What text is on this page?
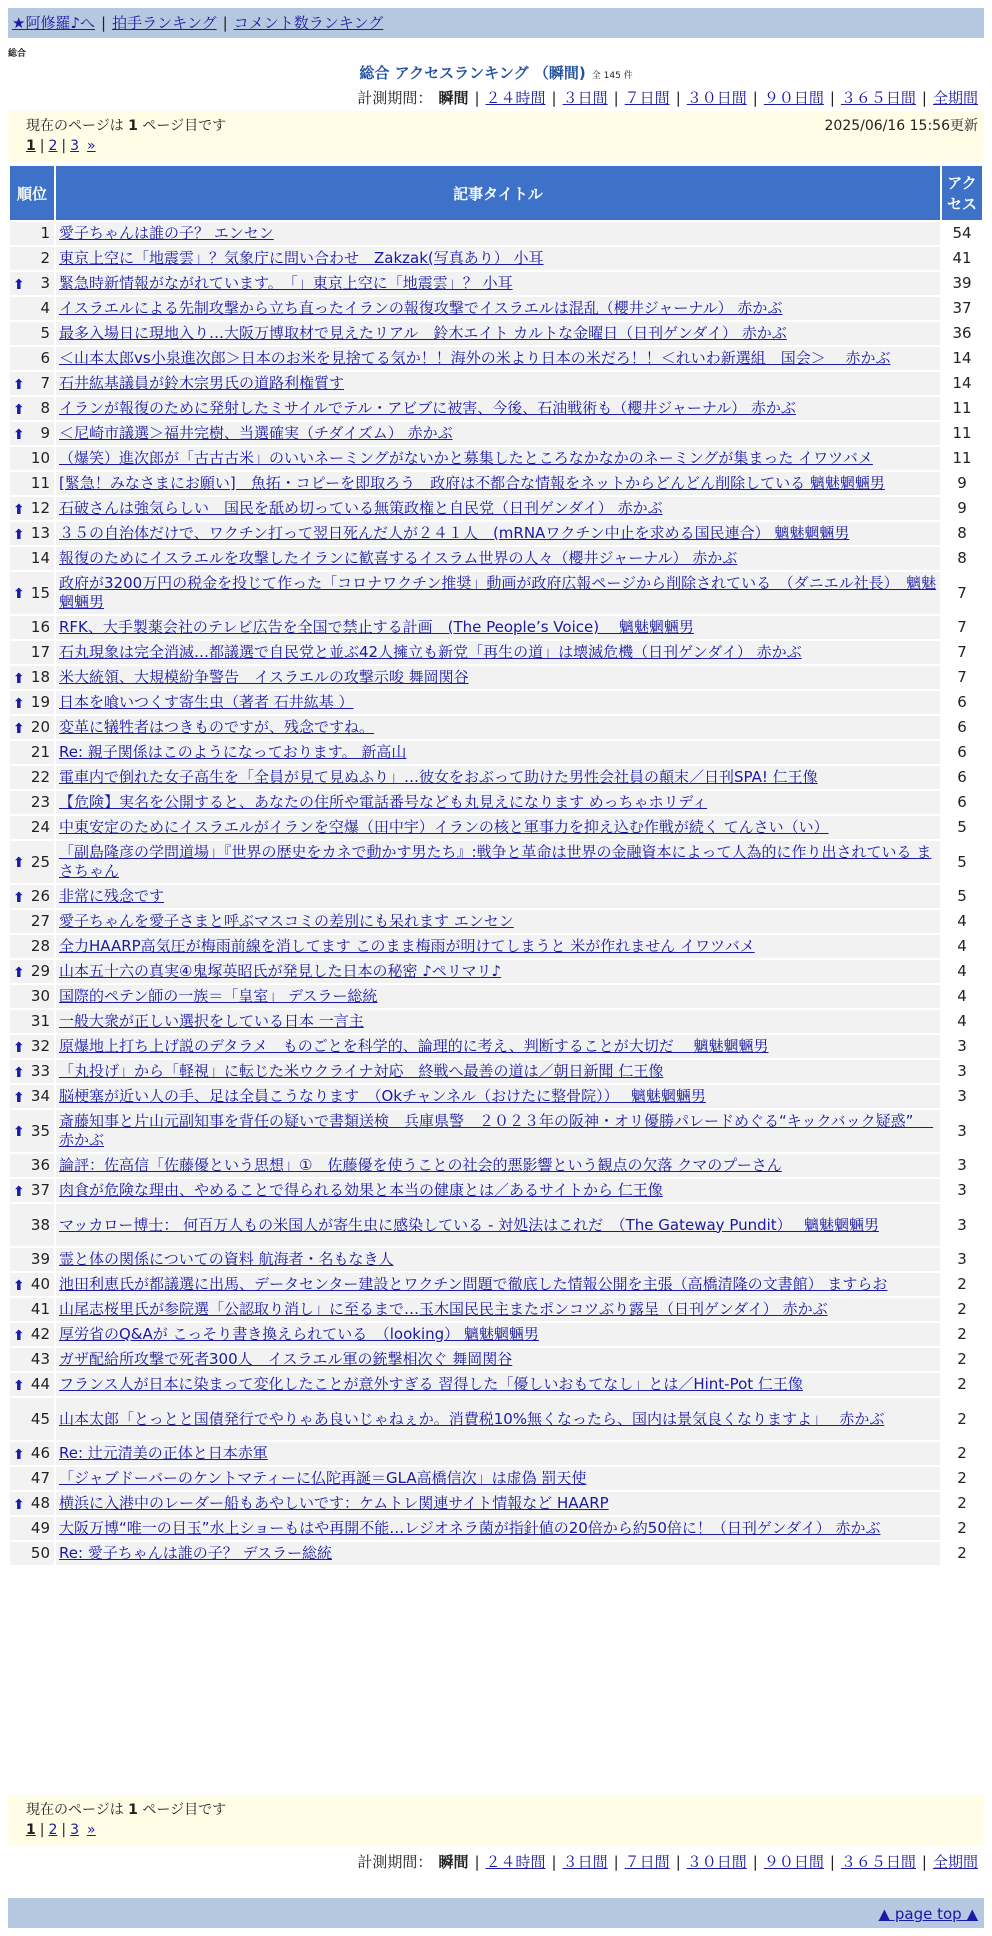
★阿修羅♪へ | 拍手ランキング | コメント数ランキング
総合
総合 アクセスランキング （瞬間) 全 145 件
計測期間： 瞬間 | ２４時間 | ３日間 | ７日間 | ３０日間 | ９０日間 | ３６５日間 | 全期間
現在のページは 1 ページ目です	2025/06/16 15:56更新
1 | 2 | 3 »
順位	記事タイトル	アクセス
1	愛子ちゃんは誰の子？ エンセン	54
2	東京上空に「地震雲」？気象庁に問い合わせ　Zakzak(写真あり） 小耳	41

⬆ 3	緊急時新情報がながれています。　「」東京上空に「地震雲」？ 小耳	39
4	イスラエルによる先制攻撃から立ち直ったイランの報復攻撃でイスラエルは混乱（櫻井ジャーナル） 赤かぶ	37
5	最多入場日に現地入り…大阪万博取材で見えたリアル　鈴木エイト カルトな金曜日（日刊ゲンダイ） 赤かぶ	36
6	＜山本太郎vs小泉進次郎＞日本のお米を見捨てる気か！！海外の米より日本の米だろ！！＜れいわ新選組　国会＞　 赤かぶ	14

⬆ 7	石井紘基議員が鈴木宗男氏の道路利権質す	14

⬆ 8	イランが報復のために発射したミサイルでテル・アビブに被害、今後、石油戦術も（櫻井ジャーナル） 赤かぶ	11

⬆ 9	＜尼崎市議選＞福井完樹、当選確実（チダイズム） 赤かぶ	11
10	（爆笑）進次郎が「古古古米」のいいネーミングがないかと募集したところなかなかのネーミングが集まった イワツバメ	11
11	[緊急！みなさまにお願い]　魚拓・コピーを即取ろう　政府は不都合な情報をネットからどんどん削除している 魑魅魍魎男	9

⬆ 12	石破さんは強気らしい　国民を舐め切っている無策政権と自民党（日刊ゲンダイ） 赤かぶ	9

⬆ 13	３５の自治体だけで、ワクチン打って翌日死んだ人が２４１人　(mRNAワクチン中止を求める国民連合） 魑魅魍魎男	8
14	報復のためにイスラエルを攻撃したイランに歓喜するイスラム世界の人々（櫻井ジャーナル） 赤かぶ	8

⬆ 15	政府が3200万円の税金を投じて作った「コロナワクチン推奨」動画が政府広報ページから削除されている　（ダニエル社長）　魑魅魍魎男	7
16	RFK、大手製薬会社のテレビ広告を全国で禁止する計画　(The People’s Voice)　 魑魅魍魎男	7
17	石丸現象は完全消滅…都議選で自民党と並ぶ42人擁立も新党「再生の道」は壊滅危機（日刊ゲンダイ） 赤かぶ	7

⬆ 18	米大統領、大規模紛争警告　イスラエルの攻撃示唆 舞岡関谷	7

⬆ 19	日本を喰いつくす寄生虫（著者 石井紘基 ）	6

⬆ 20	変革に犠牲者はつきものですが、残念ですね。	6
21	Re: 親子関係はこのようになっております。 新高山	6
22	電車内で倒れた女子高生を「全員が見て見ぬふり」…彼女をおぶって助けた男性会社員の顛末／日刊SPA! 仁王像	6
23	【危険】実名を公開すると、あなたの住所や電話番号なども丸見えになります めっちゃホリディ	6
24	中東安定のためにイスラエルがイランを空爆（田中宇）イランの核と軍事力を抑え込む作戦が続く てんさい（い）	5

⬆ 25	「副島隆彦の学問道場」『世界の歴史をカネで動かす男たち』:戦争と革命は世界の金融資本によって人為的に作り出されている まさちゃん	5

⬆ 26	非常に残念です	5
27	愛子ちゃんを愛子さまと呼ぶマスコミの差別にも呆れます エンセン	4
28	全力HAARP高気圧が梅雨前線を消してます このまま梅雨が明けてしまうと 米が作れません イワツバメ	4

⬆ 29	山本五十六の真実④鬼塚英昭氏が発見した日本の秘密 ♪ペリマリ♪	4
30	国際的ペテン師の一族＝「皇室」 デスラー総統	4
31	一般大衆が正しい選択をしている日本 一言主	4

⬆ 32	原爆地上打ち上げ説のデタラメ　ものごとを科学的、論理的に考え、判断することが大切だ　 魑魅魍魎男	3

⬆ 33	「丸投げ」から「軽視」に転じた米ウクライナ対応　終戦へ最善の道は／朝日新聞 仁王像	3

⬆ 34	脳梗塞が近い人の手、足は全員こうなります　（Okチャンネル（おけたに整骨院））　 魑魅魍魎男	3

⬆ 35	斎藤知事と片山元副知事を背任の疑いで書類送検　兵庫県警　２０２３年の阪神・オリ優勝パレードめぐる“キックバック疑惑”　 赤かぶ	3
36	論評：佐高信「佐藤優という思想」①　佐藤優を使うことの社会的悪影響という観点の欠落 クマのプーさん	3

⬆ 37	肉食が危険な理由、やめることで得られる効果と本当の健康とは／あるサイトから 仁王像	3
38	マッカロー博士： 何百万人もの米国人が寄生虫に感染している - 対処法はこれだ　（The Gateway Pundit）　 魑魅魍魎男	3
39	霊と体の関係についての資料 航海者・名もなき人	3

⬆ 40	池田利恵氏が都議選に出馬、データセンター建設とワクチン問題で徹底した情報公開を主張（高橋清隆の文書館） ますらお	2
41	山尾志桜里氏が参院選「公認取り消し」に至るまで…玉木国民民主またポンコツぶり露呈（日刊ゲンダイ） 赤かぶ	2

⬆ 42	厚労省のQ&Aが こっそり書き換えられている　（looking） 魑魅魍魎男	2
43	ガザ配給所攻撃で死者300人　イスラエル軍の銃撃相次ぐ 舞岡関谷	2

⬆ 44	フランス人が日本に染まって変化したことが意外すぎる 習得した「優しいおもてなし」とは／Hint-Pot 仁王像	2
45	山本太郎「とっとと国債発行でやりゃあ良いじゃねぇか。消費税10%無くなったら、国内は景気良くなりますよ」　 赤かぶ	2

⬆ 46	Re: 辻元清美の正体と日本赤軍	2
47	「ジャブドーバーのケントマティーに仏陀再誕＝GLA高橋信次」は虚偽 罰天使	2

⬆ 48	横浜に入港中のレーダー船もあやしいです：ケムトレ関連サイト情報など HAARP	2
49	大阪万博“唯一の目玉”水上ショーもはや再開不能…レジオネラ菌が指針値の20倍から約50倍に！（日刊ゲンダイ） 赤かぶ	2
50	Re: 愛子ちゃんは誰の子？ デスラー総統	2
現在のページは 1 ページ目です
1 | 2 | 3 »
計測期間： 瞬間 | ２４時間 | ３日間 | ７日間 | ３０日間 | ９０日間 | ３６５日間 | 全期間
▲ page top ▲
